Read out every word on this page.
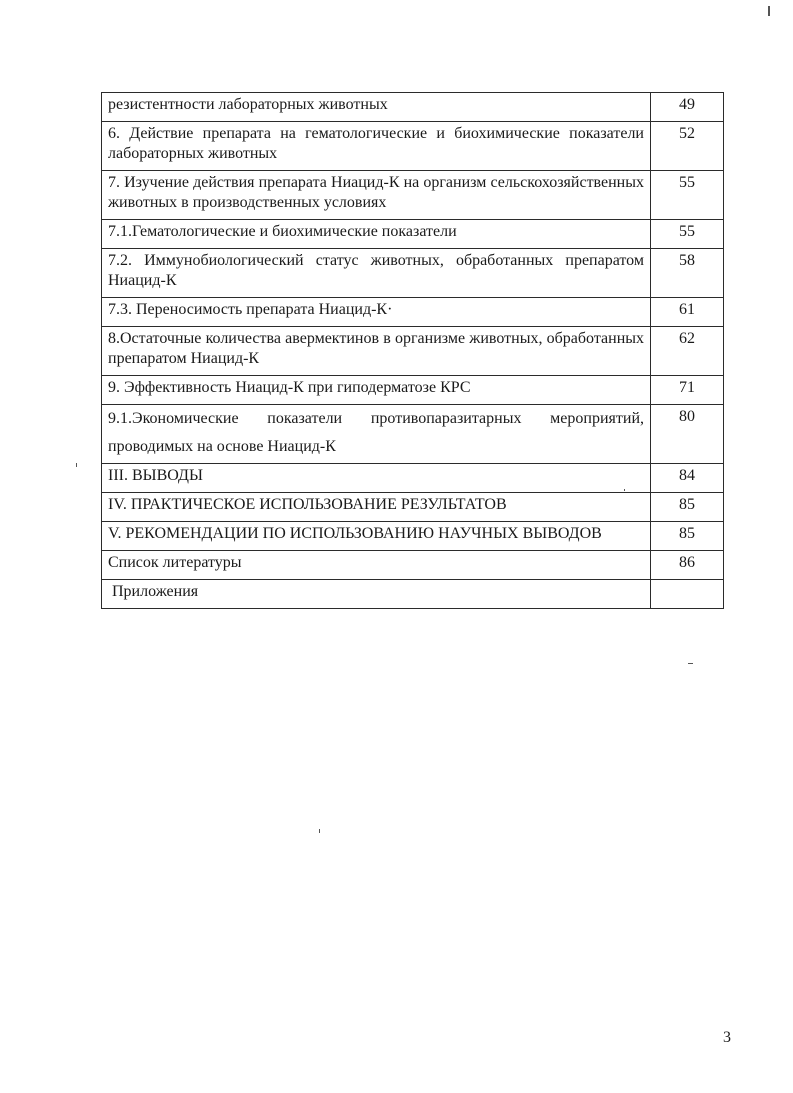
резистентности лабораторных животных	49
6. Действие препарата на гематологические и биохимические показатели лабораторных животных	52
7. Изучение действия препарата Ниацид-К на организм сельскохозяйственных животных в производственных условиях	55
7.1.Гематологические и биохимические показатели	55
7.2. Иммунобиологический статус животных, обработанных препаратом Ниацид-К	58
7.3. Переносимость препарата Ниацид-К·	61
8.Остаточные количества авермектинов в организме животных, обработанных препаратом Ниацид-К	62
9. Эффективность Ниацид-К при гиподерматозе КРС	71
9.1.Экономические показатели противопаразитарных мероприятий, проводимых на основе Ниацид-К	80
III. ВЫВОДЫ	84
IV. ПРАКТИЧЕСКОЕ ИСПОЛЬЗОВАНИЕ РЕЗУЛЬТАТОВ	85
V. РЕКОМЕНДАЦИИ ПО ИСПОЛЬЗОВАНИЮ НАУЧНЫХ ВЫВОДОВ	85
Список литературы	86
Приложения	
3
